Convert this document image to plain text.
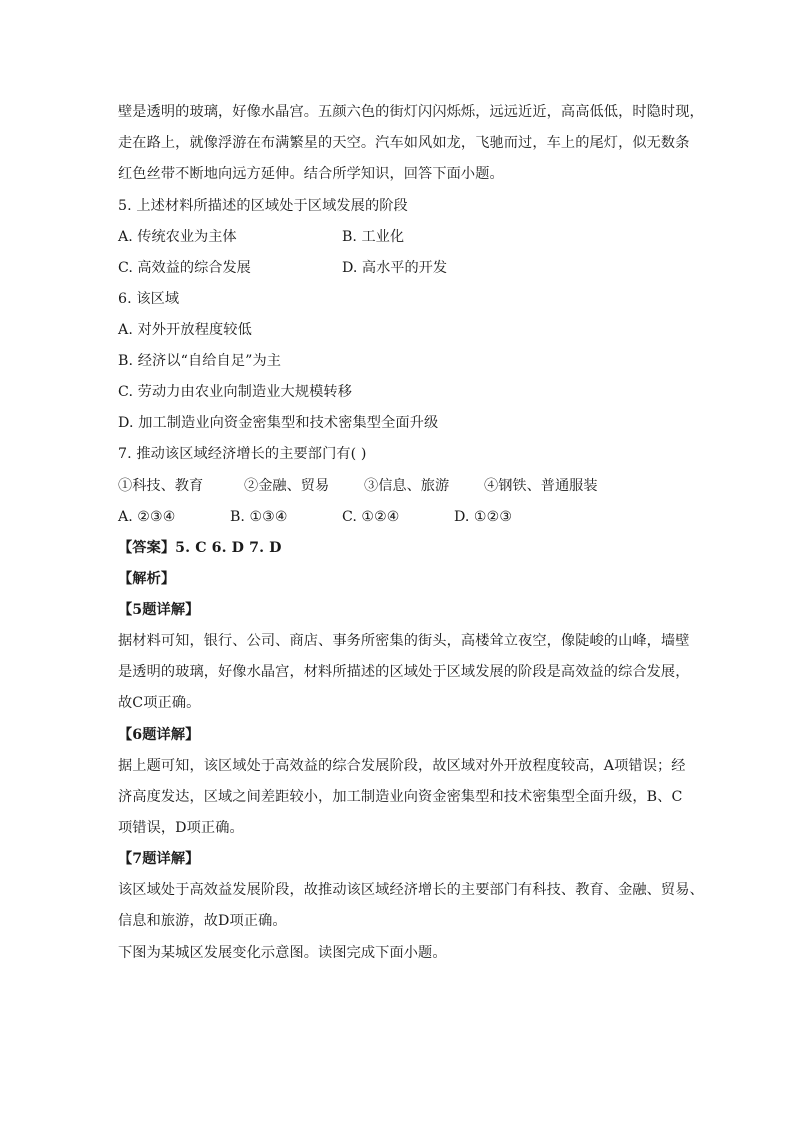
壁是透明的玻璃，好像水晶宫。五颜六色的街灯闪闪烁烁，远远近近，高高低低，时隐时现，
走在路上，就像浮游在布满繁星的天空。汽车如风如龙，飞驰而过，车上的尾灯，似无数条
红色丝带不断地向远方延伸。结合所学知识，回答下面小题。
5. 上述材料所描述的区域处于区域发展的阶段
A. 传统农业为主体	B. 工业化
C. 高效益的综合发展	D. 高水平的开发
6. 该区域
A. 对外开放程度较低
B. 经济以“自给自足”为主
C. 劳动力由农业向制造业大规模转移
D. 加工制造业向资金密集型和技术密集型全面升级
7. 推动该区域经济增长的主要部门有( )
①科技、教育	②金融、贸易 ③信息、旅游 ④钢铁、普通服装
A. ②③④	B. ①③④	C. ①②④	D. ①②③
【答案】5. C 6. D 7. D
【解析】
【5题详解】
据材料可知，银行、公司、商店、事务所密集的街头，高楼耸立夜空，像陡峻的山峰，墙壁
是透明的玻璃，好像水晶宫，材料所描述的区域处于区域发展的阶段是高效益的综合发展，
故C项正确。
【6题详解】
据上题可知，该区域处于高效益的综合发展阶段，故区域对外开放程度较高，A项错误；经
济高度发达，区域之间差距较小，加工制造业向资金密集型和技术密集型全面升级，B、C
项错误，D项正确。
【7题详解】
该区域处于高效益发展阶段，故推动该区域经济增长的主要部门有科技、教育、金融、贸易、
信息和旅游，故D项正确。
下图为某城区发展变化示意图。读图完成下面小题。
